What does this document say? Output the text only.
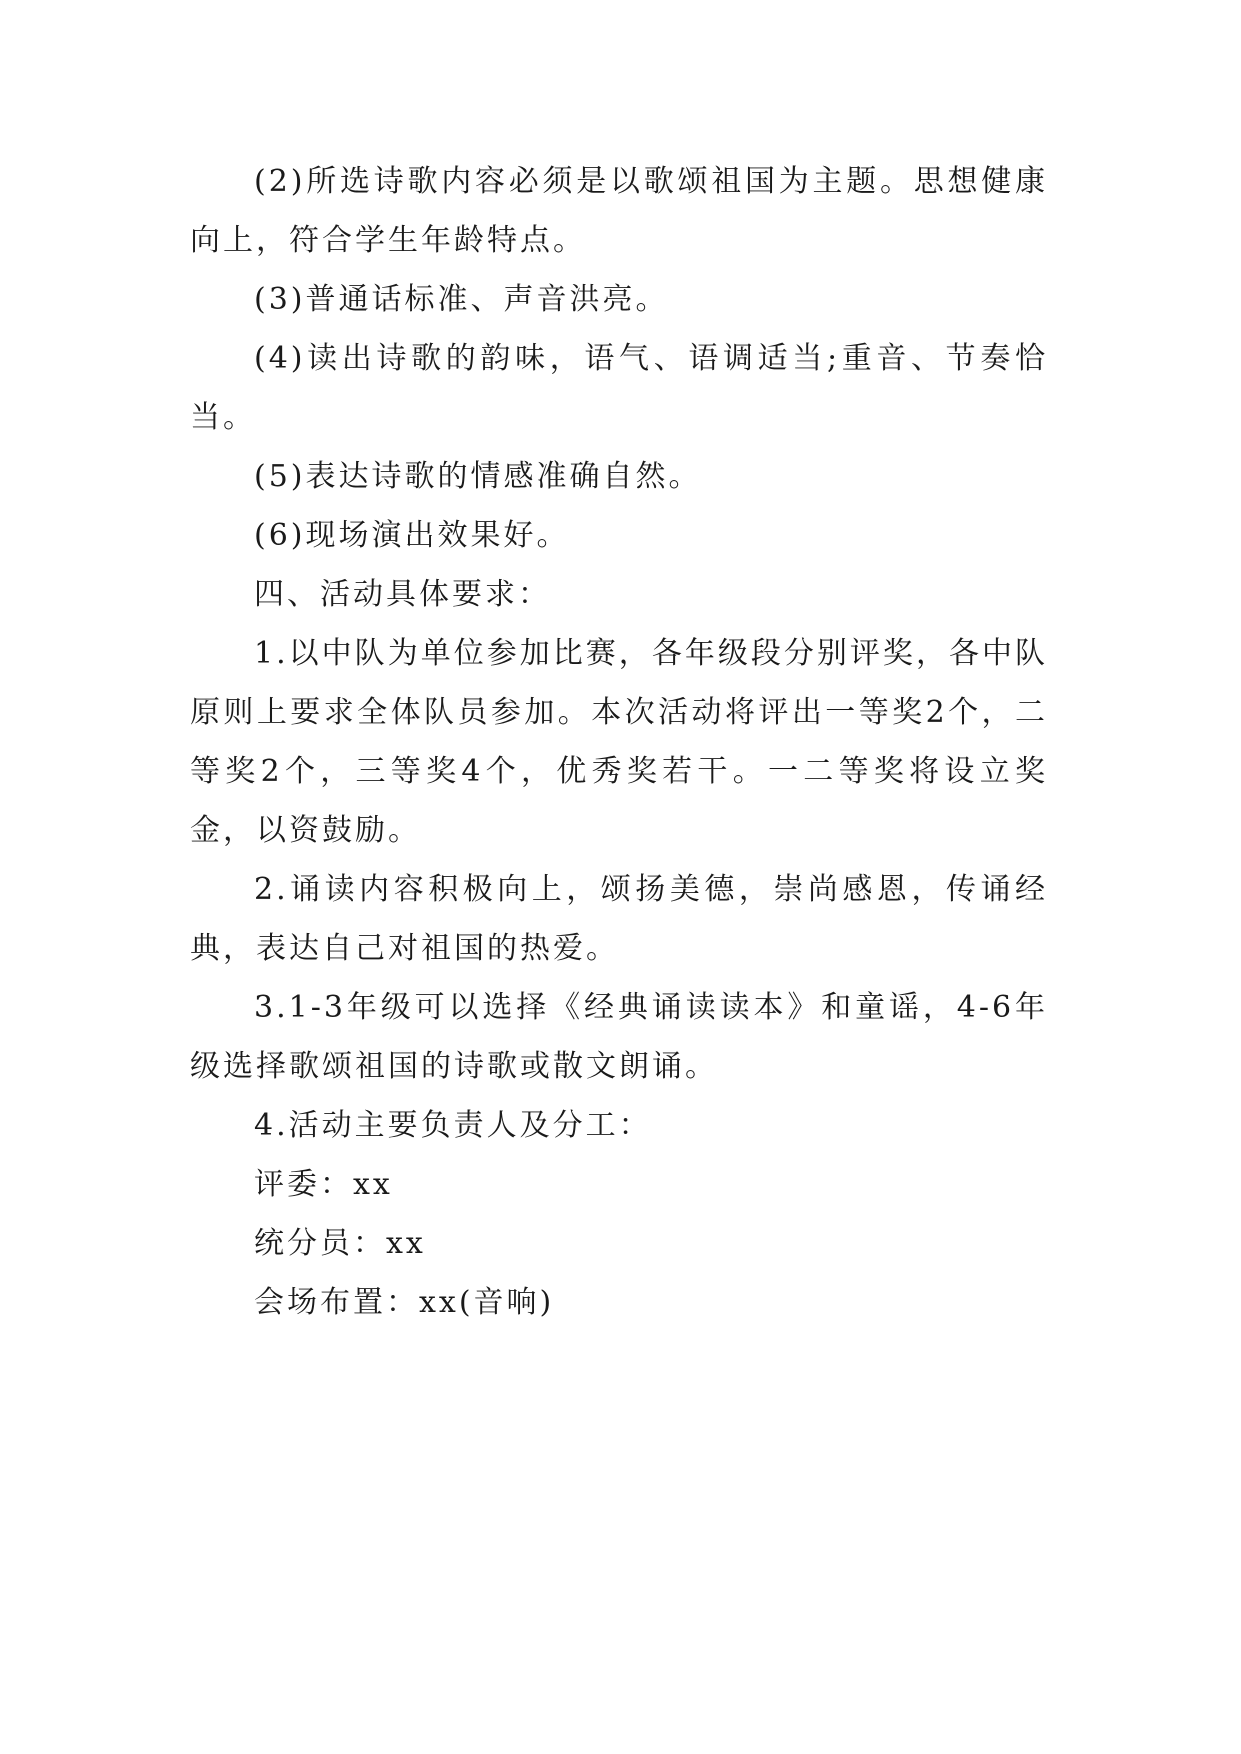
(2)所选诗歌内容必须是以歌颂祖国为主题。思想健康向上，符合学生年龄特点。

(3)普通话标准、声音洪亮。

(4)读出诗歌的韵味，语气、语调适当;重音、节奏恰当。

(5)表达诗歌的情感准确自然。

(6)现场演出效果好。

四、活动具体要求：

1.以中队为单位参加比赛，各年级段分别评奖，各中队原则上要求全体队员参加。本次活动将评出一等奖2个，二等奖2个，三等奖4个，优秀奖若干。一二等奖将设立奖金，以资鼓励。

2.诵读内容积极向上，颂扬美德，崇尚感恩，传诵经典，表达自己对祖国的热爱。

3.1-3年级可以选择《经典诵读读本》和童谣，4-6年级选择歌颂祖国的诗歌或散文朗诵。

4.活动主要负责人及分工：

评委：xx

统分员：xx

会场布置：xx(音响)
